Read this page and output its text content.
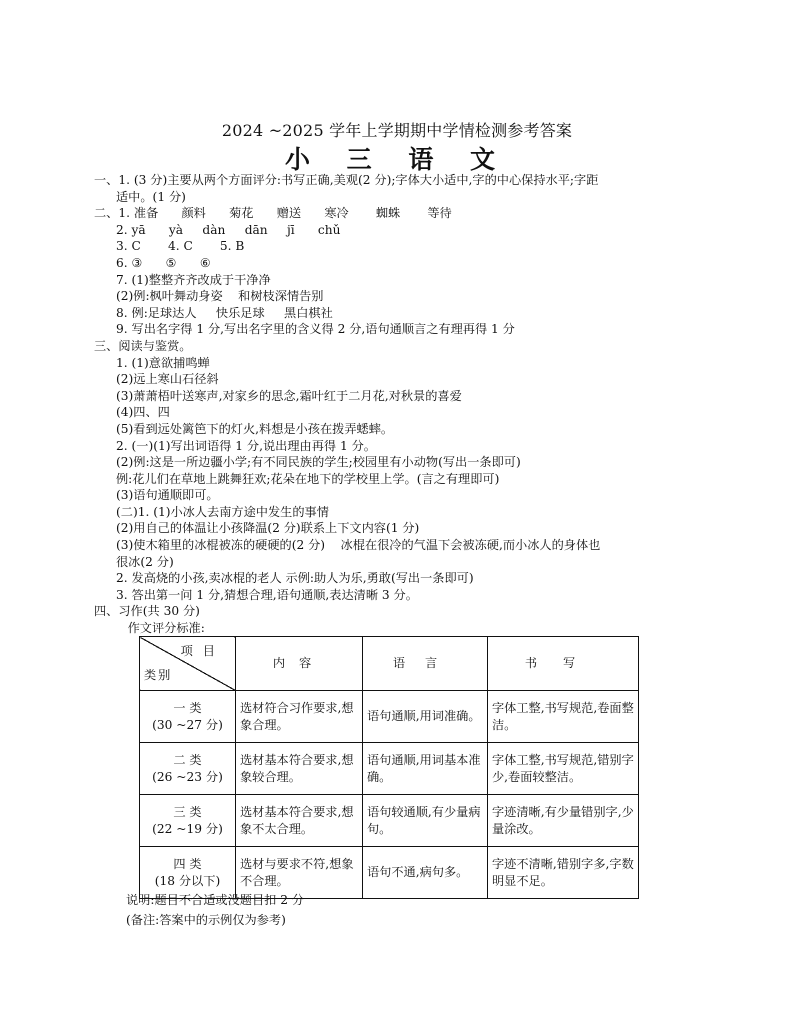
2024 ~2025 学年上学期期中学情检测参考答案
小 三 语 文
一、1. (3 分)主要从两个方面评分:书写正确,美观(2 分);字体大小适中,字的中心保持水平;字距
适中。(1 分)
二、1. 准备      颜料      菊花      赠送      寒冷       蜘蛛       等待
2. yā      yà     dàn     dān     jī      chǔ
3. C       4. C       5. B
6. ③      ⑤      ⑥
7. (1)整整齐齐改成于干净净
(2)例:枫叶舞动身姿    和树枝深情告别
8. 例:足球达人     快乐足球     黑白棋社
9. 写出名字得 1 分,写出名字里的含义得 2 分,语句通顺言之有理再得 1 分
三、阅读与鉴赏。
1. (1)意欲捕鸣蝉
(2)远上寒山石径斜
(3)萧萧梧叶送寒声,对家乡的思念,霜叶红于二月花,对秋景的喜爱
(4)四、四
(5)看到远处篱笆下的灯火,料想是小孩在拨弄蟋蟀。
2. (一)(1)写出词语得 1 分,说出理由再得 1 分。
(2)例:这是一所边疆小学;有不同民族的学生;校园里有小动物(写出一条即可)
例:花儿们在草地上跳舞狂欢;花朵在地下的学校里上学。(言之有理即可)
(3)语句通顺即可。
(二)1. (1)小冰人去南方途中发生的事情
(2)用自己的体温让小孩降温(2 分)联系上下文内容(1 分)
(3)使木箱里的冰棍被冻的硬硬的(2 分)    冰棍在很冷的气温下会被冻硬,而小冰人的身体也
很冰(2 分)
2. 发高烧的小孩,卖冰棍的老人 示例:助人为乐,勇敢(写出一条即可)
3. 答出第一问 1 分,猜想合理,语句通顺,表达清晰 3 分。
四、习作(共 30 分)
作文评分标准:
项目
类别	内容	语言	书写

一 类
(30 ~27 分)	选材符合习作要求,想象合理。	语句通顺,用词准确。	字体工整,书写规范,卷面整洁。

二 类
(26 ~23 分)	选材基本符合要求,想象较合理。	语句通顺,用词基本准确。	字体工整,书写规范,错别字少,卷面较整洁。

三 类
(22 ~19 分)	选材基本符合要求,想象不太合理。	语句较通顺,有少量病句。	字迹清晰,有少量错别字,少量涂改。

四 类
(18 分以下)	选材与要求不符,想象不合理。	语句不通,病句多。	字迹不清晰,错别字多,字数明显不足。
说明:题目不合适或没题目扣 2 分
(备注:答案中的示例仅为参考)
